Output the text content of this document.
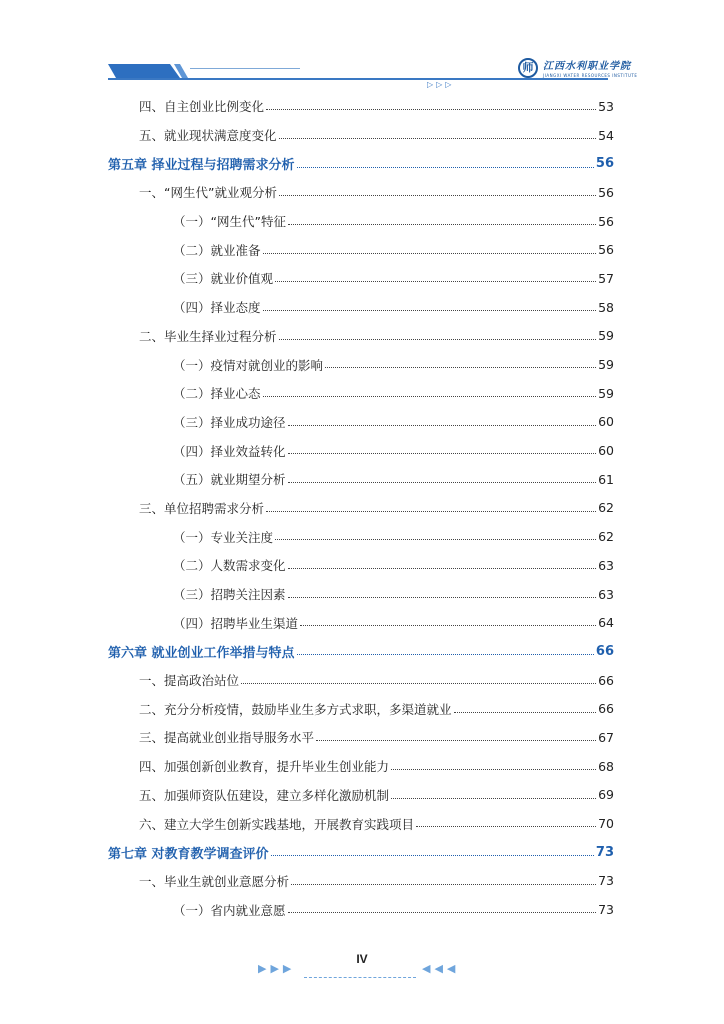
师 江西水利职业学院
JIANGXI WATER RESOURCES INSTITUTE
▷▷▷
四、自主创业比例变化	53
五、就业现状满意度变化	54
第五章 择业过程与招聘需求分析	56
一、“网生代”就业观分析	56
（一）“网生代”特征	56
（二）就业准备	56
（三）就业价值观	57
（四）择业态度	58
二、毕业生择业过程分析	59
（一）疫情对就创业的影响	59
（二）择业心态	59
（三）择业成功途径	60
（四）择业效益转化	60
（五）就业期望分析	61
三、单位招聘需求分析	62
（一）专业关注度	62
（二）人数需求变化	63
（三）招聘关注因素	63
（四）招聘毕业生渠道	64
第六章 就业创业工作举措与特点	66
一、提高政治站位	66
二、充分分析疫情，鼓励毕业生多方式求职，多渠道就业	66
三、提高就业创业指导服务水平	67
四、加强创新创业教育，提升毕业生创业能力	68
五、加强师资队伍建设，建立多样化激励机制	69
六、建立大学生创新实践基地，开展教育实践项目	70
第七章 对教育教学调查评价	73
一、毕业生就创业意愿分析	73
（一）省内就业意愿	73
▶▶▶
IV
◀◀◀
